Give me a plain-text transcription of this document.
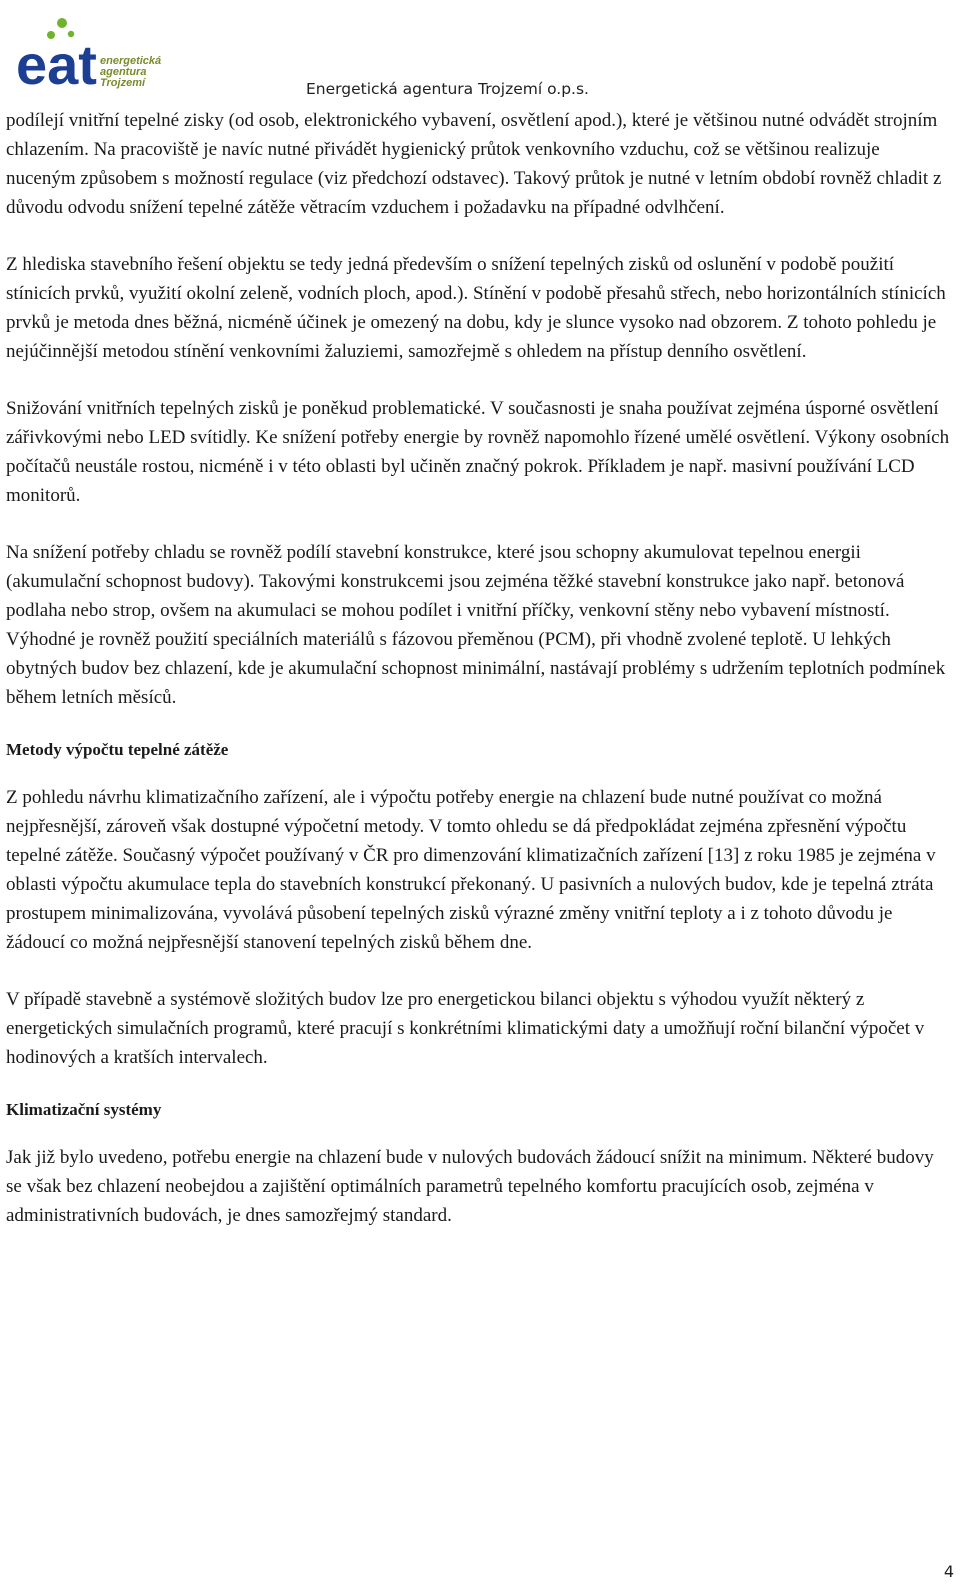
eat energetická
agentura
Trojzemí	Energetická agentura Trojzemí o.p.s.

podílejí vnitřní tepelné zisky (od osob, elektronického vybavení, osvětlení apod.), které je většinou nutné odvádět strojním chlazením. Na pracoviště je navíc nutné přivádět hygienický průtok venkovního vzduchu, což se většinou realizuje nuceným způsobem s možností regulace (viz předchozí odstavec). Takový průtok je nutné v letním období rovněž chladit z důvodu odvodu snížení tepelné zátěže větracím vzduchem i požadavku na případné odvlhčení.

Z hlediska stavebního řešení objektu se tedy jedná především o snížení tepelných zisků od oslunění v podobě použití stínicích prvků, využití okolní zeleně, vodních ploch, apod.). Stínění v podobě přesahů střech, nebo horizontálních stínicích prvků je metoda dnes běžná, nicméně účinek je omezený na dobu, kdy je slunce vysoko nad obzorem. Z tohoto pohledu je nejúčinnější metodou stínění venkovními žaluziemi, samozřejmě s ohledem na přístup denního osvětlení.

Snižování vnitřních tepelných zisků je poněkud problematické. V současnosti je snaha používat zejména úsporné osvětlení zářivkovými nebo LED svítidly. Ke snížení potřeby energie by rovněž napomohlo řízené umělé osvětlení. Výkony osobních počítačů neustále rostou, nicméně i v této oblasti byl učiněn značný pokrok. Příkladem je např. masivní používání LCD monitorů.

Na snížení potřeby chladu se rovněž podílí stavební konstrukce, které jsou schopny akumulovat tepelnou energii (akumulační schopnost budovy). Takovými konstrukcemi jsou zejména těžké stavební konstrukce jako např. betonová podlaha nebo strop, ovšem na akumulaci se mohou podílet i vnitřní příčky, venkovní stěny nebo vybavení místností. Výhodné je rovněž použití speciálních materiálů s fázovou přeměnou (PCM), při vhodně zvolené teplotě. U lehkých obytných budov bez chlazení, kde je akumulační schopnost minimální, nastávají problémy s udržením teplotních podmínek během letních měsíců.

Metody výpočtu tepelné zátěže

Z pohledu návrhu klimatizačního zařízení, ale i výpočtu potřeby energie na chlazení bude nutné používat co možná nejpřesnější, zároveň však dostupné výpočetní metody. V tomto ohledu se dá předpokládat zejména zpřesnění výpočtu tepelné zátěže. Současný výpočet používaný v ČR pro dimenzování klimatizačních zařízení [13] z roku 1985 je zejména v oblasti výpočtu akumulace tepla do stavebních konstrukcí překonaný. U pasivních a nulových budov, kde je tepelná ztráta prostupem minimalizována, vyvolává působení tepelných zisků výrazné změny vnitřní teploty a i z tohoto důvodu je žádoucí co možná nejpřesnější stanovení tepelných zisků během dne.

V případě stavebně a systémově složitých budov lze pro energetickou bilanci objektu s výhodou využít některý z energetických simulačních programů, které pracují s konkrétními klimatickými daty a umožňují roční bilanční výpočet v hodinových a kratších intervalech.

Klimatizační systémy

Jak již bylo uvedeno, potřebu energie na chlazení bude v nulových budovách žádoucí snížit na minimum. Některé budovy se však bez chlazení neobejdou a zajištění optimálních parametrů tepelného komfortu pracujících osob, zejména v administrativních budovách, je dnes samozřejmý standard.

4
